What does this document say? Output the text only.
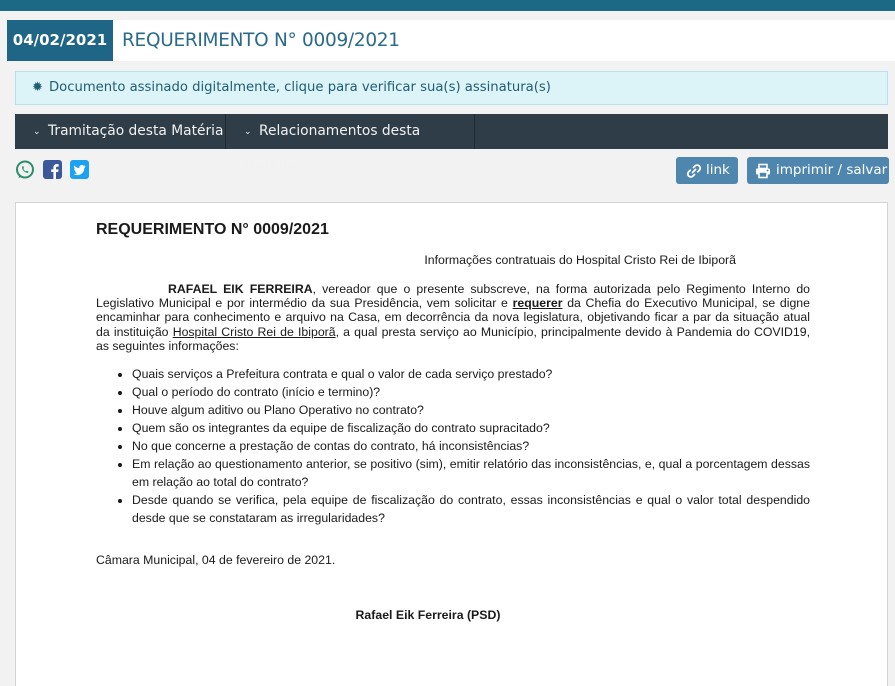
04/02/2021 REQUERIMENTO N° 0009/2021
✹ Documento assinado digitalmente, clique para verificar sua(s) assinatura(s)
⌄ Tramitação desta Matéria	⌄ Relacionamentos desta Matéria	link	imprimir / salvar
REQUERIMENTO N° 0009/2021
Informações contratuais do Hospital Cristo Rei de Ibiporã
RAFAEL EIK FERREIRA, vereador que o presente subscreve, na forma autorizada pelo Regimento Interno do Legislativo Municipal e por intermédio da sua Presidência, vem solicitar e requerer da Chefia do Executivo Municipal, se digne encaminhar para conhecimento e arquivo na Casa, em decorrência da nova legislatura, objetivando ficar a par da situação atual da instituição Hospital Cristo Rei de Ibiporã, a qual presta serviço ao Município, principalmente devido à Pandemia do COVID19, as seguintes informações:
• Quais serviços a Prefeitura contrata e qual o valor de cada serviço prestado?
• Qual o período do contrato (início e termino)?
• Houve algum aditivo ou Plano Operativo no contrato?
• Quem são os integrantes da equipe de fiscalização do contrato supracitado?
• No que concerne a prestação de contas do contrato, há inconsistências?
• Em relação ao questionamento anterior, se positivo (sim), emitir relatório das inconsistências, e, qual a porcentagem dessas em relação ao total do contrato?
• Desde quando se verifica, pela equipe de fiscalização do contrato, essas inconsistências e qual o valor total despendido desde que se constataram as irregularidades?
Câmara Municipal, 04 de fevereiro de 2021.
Rafael Eik Ferreira (PSD)
